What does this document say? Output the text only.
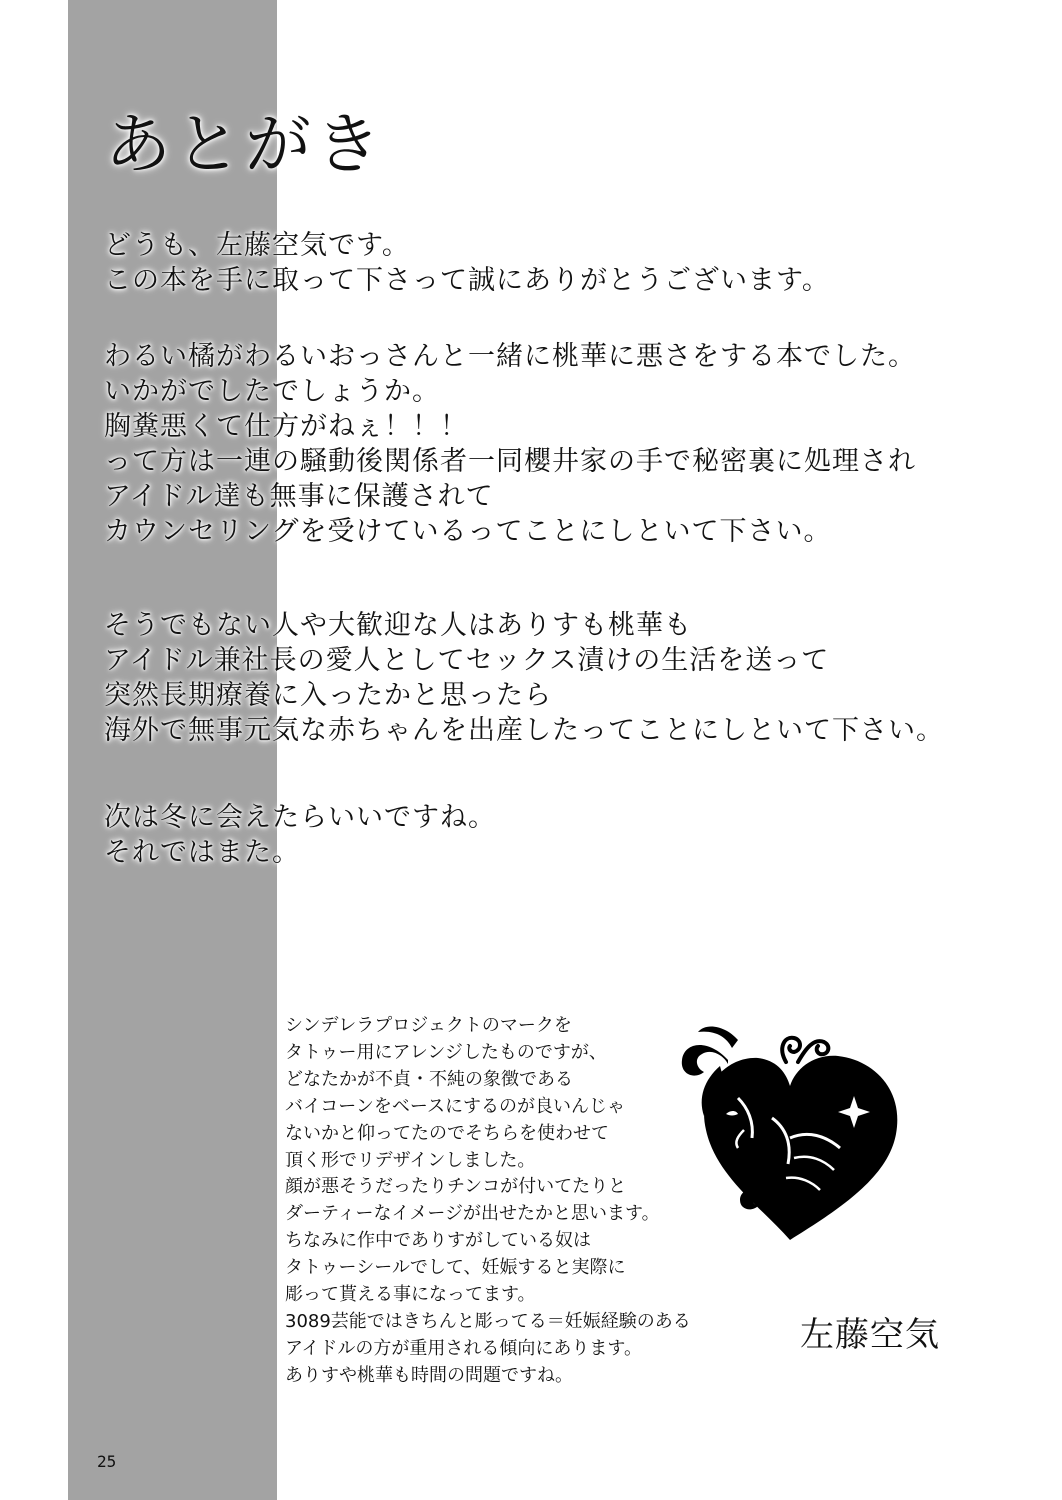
あとがき
どうも、左藤空気です。
この本を手に取って下さって誠にありがとうございます。
わるい橘がわるいおっさんと一緒に桃華に悪さをする本でした。
いかがでしたでしょうか。
胸糞悪くて仕方がねぇ！！！
って方は一連の騒動後関係者一同櫻井家の手で秘密裏に処理され
アイドル達も無事に保護されて
カウンセリングを受けているってことにしといて下さい。
そうでもない人や大歓迎な人はありすも桃華も
アイドル兼社長の愛人としてセックス漬けの生活を送って
突然長期療養に入ったかと思ったら
海外で無事元気な赤ちゃんを出産したってことにしといて下さい。
次は冬に会えたらいいですね。
それではまた。
シンデレラプロジェクトのマークを
タトゥー用にアレンジしたものですが、
どなたかが不貞・不純の象徴である
バイコーンをベースにするのが良いんじゃ
ないかと仰ってたのでそちらを使わせて
頂く形でリデザインしました。
顔が悪そうだったりチンコが付いてたりと
ダーティーなイメージが出せたかと思います。
ちなみに作中でありすがしている奴は
タトゥーシールでして、妊娠すると実際に
彫って貰える事になってます。
3089芸能ではきちんと彫ってる＝妊娠経験のある
アイドルの方が重用される傾向にあります。
ありすや桃華も時間の問題ですね。
左藤空気
25
